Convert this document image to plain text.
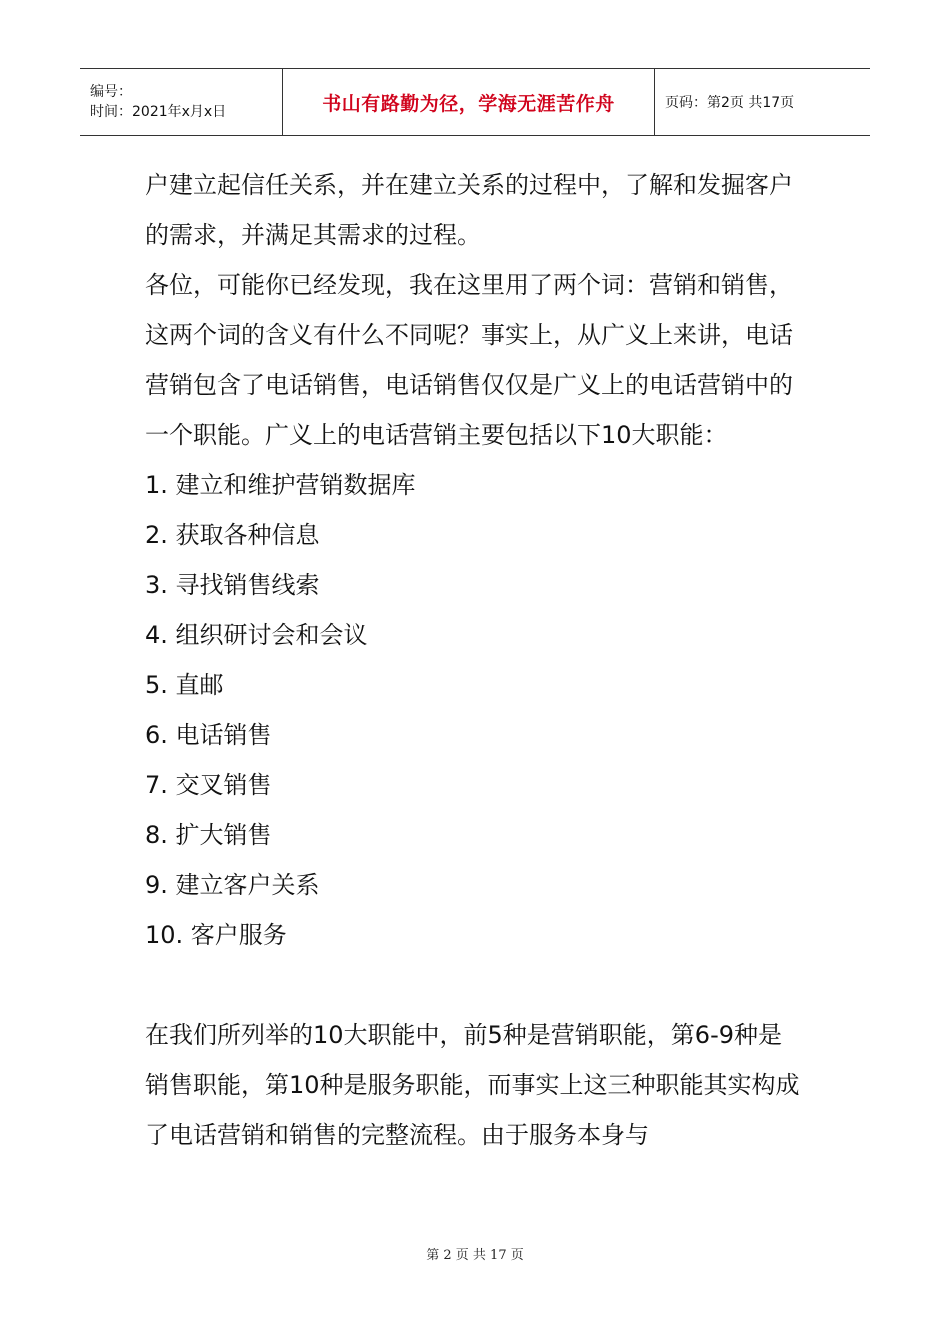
编号：
时间：2021年x月x日	书山有路勤为径，学海无涯苦作舟	页码：第2页 共17页

户建立起信任关系，并在建立关系的过程中，了解和发掘客户的需求，并满足其需求的过程。

各位，可能你已经发现，我在这里用了两个词：营销和销售，这两个词的含义有什么不同呢？事实上，从广义上来讲，电话营销包含了电话销售，电话销售仅仅是广义上的电话营销中的一个职能。广义上的电话营销主要包括以下10大职能：

1. 建立和维护营销数据库

2. 获取各种信息

3. 寻找销售线索

4. 组织研讨会和会议

5. 直邮

6. 电话销售

7. 交叉销售

8. 扩大销售

9. 建立客户关系

10. 客户服务

在我们所列举的10大职能中，前5种是营销职能，第6-9种是销售职能，第10种是服务职能，而事实上这三种职能其实构成了电话营销和销售的完整流程。由于服务本身与

第 2 页 共 17 页
